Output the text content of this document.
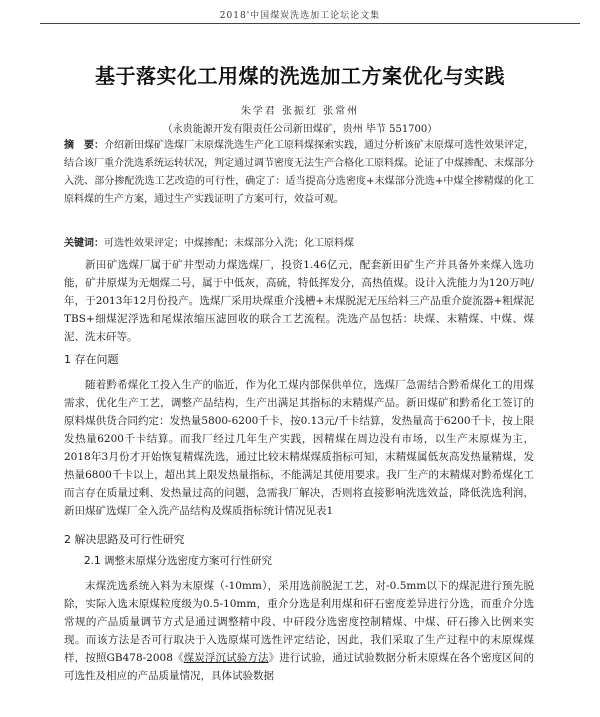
2018'中国煤炭洗选加工论坛论文集
基于落实化工用煤的洗选加工方案优化与实践
朱学君 张振红 张常州
（永贵能源开发有限责任公司新田煤矿，贵州 毕节 551700）
摘　要：介绍新田煤矿选煤厂末原煤洗选生产化工原料煤探索实践，通过分析该矿末原煤可选性效果评定，结合该厂重介洗选系统运转状况，判定通过调节密度无法生产合格化工原料煤。论证了中煤掺配、末煤部分入洗、部分掺配洗选工艺改造的可行性，确定了：适当提高分选密度+末煤部分洗选+中煤全掺精煤的化工原料煤的生产方案，通过生产实践证明了方案可行，效益可观。
关键词：可选性效果评定；中煤掺配；末煤部分入洗；化工原料煤
新田矿选煤厂属于矿井型动力煤选煤厂，投资1.46亿元，配套新田矿生产并具备外来煤入选功能，矿井原煤为无烟煤二号，属于中低灰，高硫，特低挥发分，高热值煤。设计入洗能力为120万吨/年，于2013年12月份投产。选煤厂采用块煤重介浅槽+末煤脱泥无压给料三产品重介旋流器+粗煤泥TBS+细煤泥浮选和尾煤浓缩压滤回收的联合工艺流程。洗选产品包括：块煤、末精煤、中煤、煤泥、洗末矸等。
1 存在问题
随着黔希煤化工投入生产的临近，作为化工煤内部保供单位，选煤厂急需结合黔希煤化工的用煤需求，优化生产工艺，调整产品结构，生产出满足其指标的末精煤产品。新田煤矿和黔希化工签订的原料煤供货合同约定：发热量5800-6200千卡，按0.13元/千卡结算，发热量高于6200千卡，按上限发热量6200千卡结算。而我厂经过几年生产实践，因精煤在周边没有市场，以生产末原煤为主，2018年3月份才开始恢复精煤洗选，通过比较末精煤煤质指标可知，末精煤属低灰高发热量精煤，发热量6800千卡以上，超出其上限发热量指标，不能满足其使用要求。我厂生产的末精煤对黔希煤化工而言存在质量过剩、发热量过高的问题，急需我厂解决，否则将直接影响洗选效益，降低洗选利润，新田煤矿选煤厂全入洗产品结构及煤质指标统计情况见表1
2 解决思路及可行性研究
2.1 调整末原煤分选密度方案可行性研究
末煤洗选系统入料为末原煤（-10mm），采用选前脱泥工艺，对-0.5mm以下的煤泥进行预先脱除，实际入选末原煤粒度级为0.5-10mm，重介分选是利用煤和矸石密度差异进行分选，而重介分选常规的产品质量调节方式是通过调整精中段、中矸段分选密度控制精煤、中煤、矸石掺入比例来实现。而该方法是否可行取决于入选原煤可选性评定结论，因此，我们采取了生产过程中的末原煤煤样，按照GB478-2008《煤炭浮沉试验方法》进行试验，通过试验数据分析末原煤在各个密度区间的可选性及相应的产品质量情况，具体试验数据
